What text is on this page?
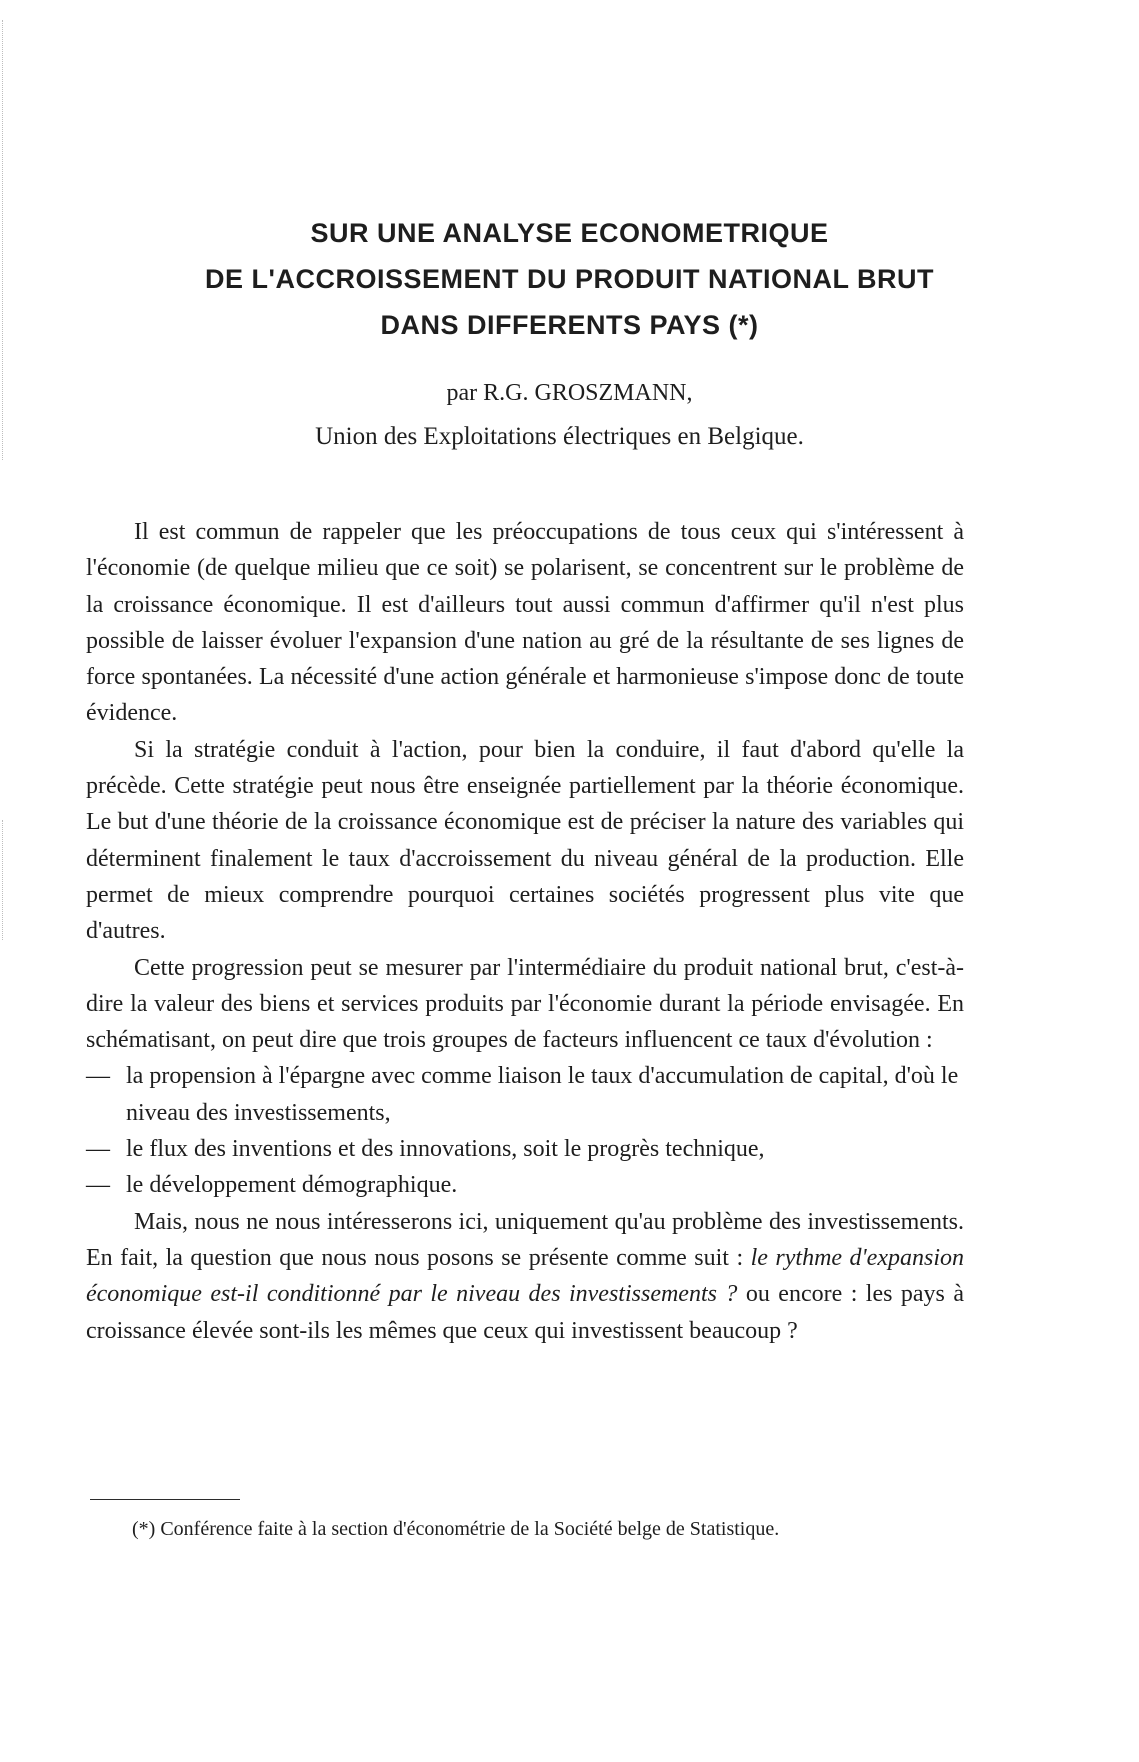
SUR UNE ANALYSE ECONOMETRIQUE
DE L'ACCROISSEMENT DU PRODUIT NATIONAL BRUT
DANS DIFFERENTS PAYS (*)
par R.G. GROSZMANN,
Union des Exploitations électriques en Belgique.

Il est commun de rappeler que les préoccupations de tous ceux qui s'intéressent à l'économie (de quelque milieu que ce soit) se polarisent, se concentrent sur le problème de la croissance économique. Il est d'ailleurs tout aussi commun d'affirmer qu'il n'est plus possible de laisser évoluer l'expansion d'une nation au gré de la résultante de ses lignes de force spontanées. La nécessité d'une action générale et harmonieuse s'impose donc de toute évidence.

Si la stratégie conduit à l'action, pour bien la conduire, il faut d'abord qu'elle la précède. Cette stratégie peut nous être enseignée partiellement par la théorie économique. Le but d'une théorie de la croissance économique est de préciser la nature des variables qui déterminent finalement le taux d'accroissement du niveau général de la production. Elle permet de mieux comprendre pourquoi certaines sociétés progressent plus vite que d'autres.

Cette progression peut se mesurer par l'intermédiaire du produit national brut, c'est-à-dire la valeur des biens et services produits par l'économie durant la période envisagée. En schématisant, on peut dire que trois groupes de facteurs influencent ce taux d'évolution :

— la propension à l'épargne avec comme liaison le taux d'accumulation de capital, d'où le niveau des investissements,
— le flux des inventions et des innovations, soit le progrès technique,
— le développement démographique.

Mais, nous ne nous intéresserons ici, uniquement qu'au problème des investissements. En fait, la question que nous nous posons se présente comme suit : le rythme d'expansion économique est-il conditionné par le niveau des investissements ? ou encore : les pays à croissance élevée sont-ils les mêmes que ceux qui investissent beaucoup ?

(*) Conférence faite à la section d'économétrie de la Société belge de Statistique.
